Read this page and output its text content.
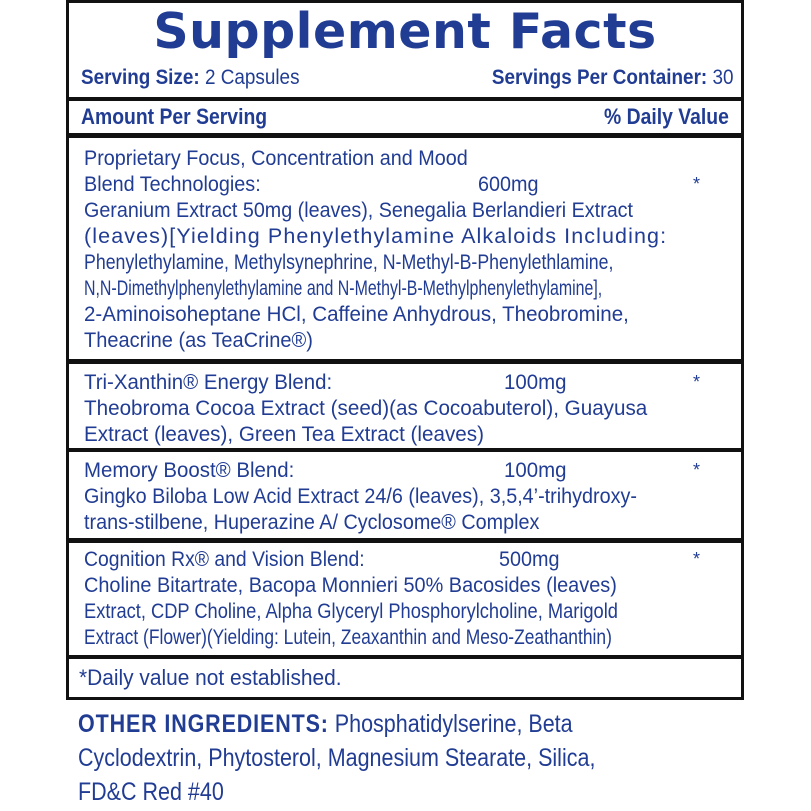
Supplement Facts
Serving Size: 2 Capsules	Servings Per Container: 30
Amount Per Serving	% Daily Value
Proprietary Focus, Concentration and Mood
Blend Technologies:	600mg	*
Geranium Extract 50mg (leaves), Senegalia Berlandieri Extract
(leaves)[Yielding Phenylethylamine Alkaloids Including:
Phenylethylamine, Methylsynephrine, N-Methyl-B-Phenylethlamine,
N,N-Dimethylphenylethylamine and N-Methyl-B-Methylphenylethylamine],
2-Aminoisoheptane HCl, Caffeine Anhydrous, Theobromine,
Theacrine (as TeaCrine®)
Tri-Xanthin® Energy Blend:	100mg	*
Theobroma Cocoa Extract (seed)(as Cocoabuterol), Guayusa
Extract (leaves), Green Tea Extract (leaves)
Memory Boost® Blend:	100mg	*
Gingko Biloba Low Acid Extract 24/6 (leaves), 3,5,4’-trihydroxy-
trans-stilbene, Huperazine A/ Cyclosome® Complex
Cognition Rx® and Vision Blend:	500mg	*
Choline Bitartrate, Bacopa Monnieri 50% Bacosides (leaves)
Extract, CDP Choline, Alpha Glyceryl Phosphorylcholine, Marigold
Extract (Flower)(Yielding: Lutein, Zeaxanthin and Meso-Zeathanthin)
*Daily value not established.
OTHER INGREDIENTS: Phosphatidylserine, Beta
Cyclodextrin, Phytosterol, Magnesium Stearate, Silica,
FD&C Red #40
